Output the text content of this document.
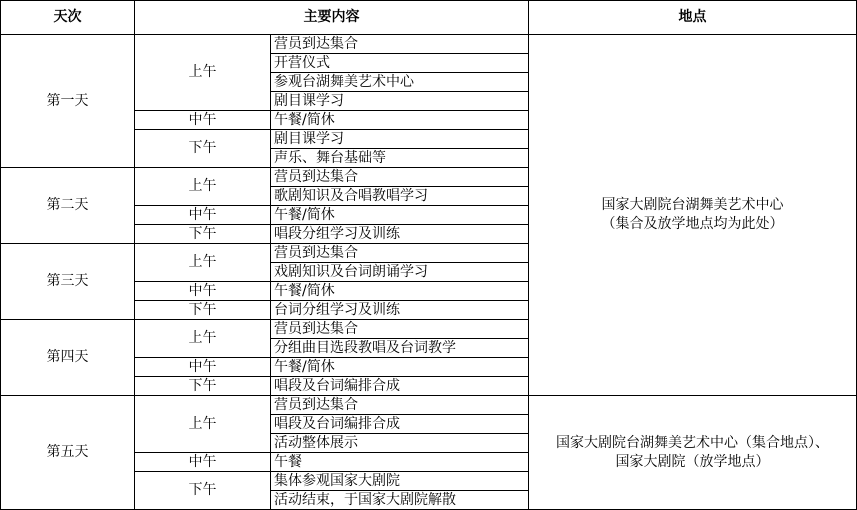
天次	主要内容		地点
第一天	上午	营员到达集合	国家大剧院台湖舞美艺术中心
（集合及放学地点均为此处）

		开营仪式	
		参观台湖舞美艺术中心	
		剧目课学习	
	中午	午餐/简休	
	下午	剧目课学习	
		声乐、舞台基础等	
第二天	上午	营员到达集合	
		歌剧知识及合唱教唱学习	
	中午	午餐/简休	
	下午	唱段分组学习及训练	
第三天	上午	营员到达集合	
		戏剧知识及台词朗诵学习	
	中午	午餐/简休	
	下午	台词分组学习及训练	
第四天	上午	营员到达集合	
		分组曲目选段教唱及台词教学	
	中午	午餐/简休	
	下午	唱段及台词编排合成	
第五天	上午	营员到达集合	国家大剧院台湖舞美艺术中心（集合地点）、
国家大剧院（放学地点）

		唱段及台词编排合成	
		活动整体展示	
	中午	午餐	
	下午	集体参观国家大剧院	
		活动结束，于国家大剧院解散	
